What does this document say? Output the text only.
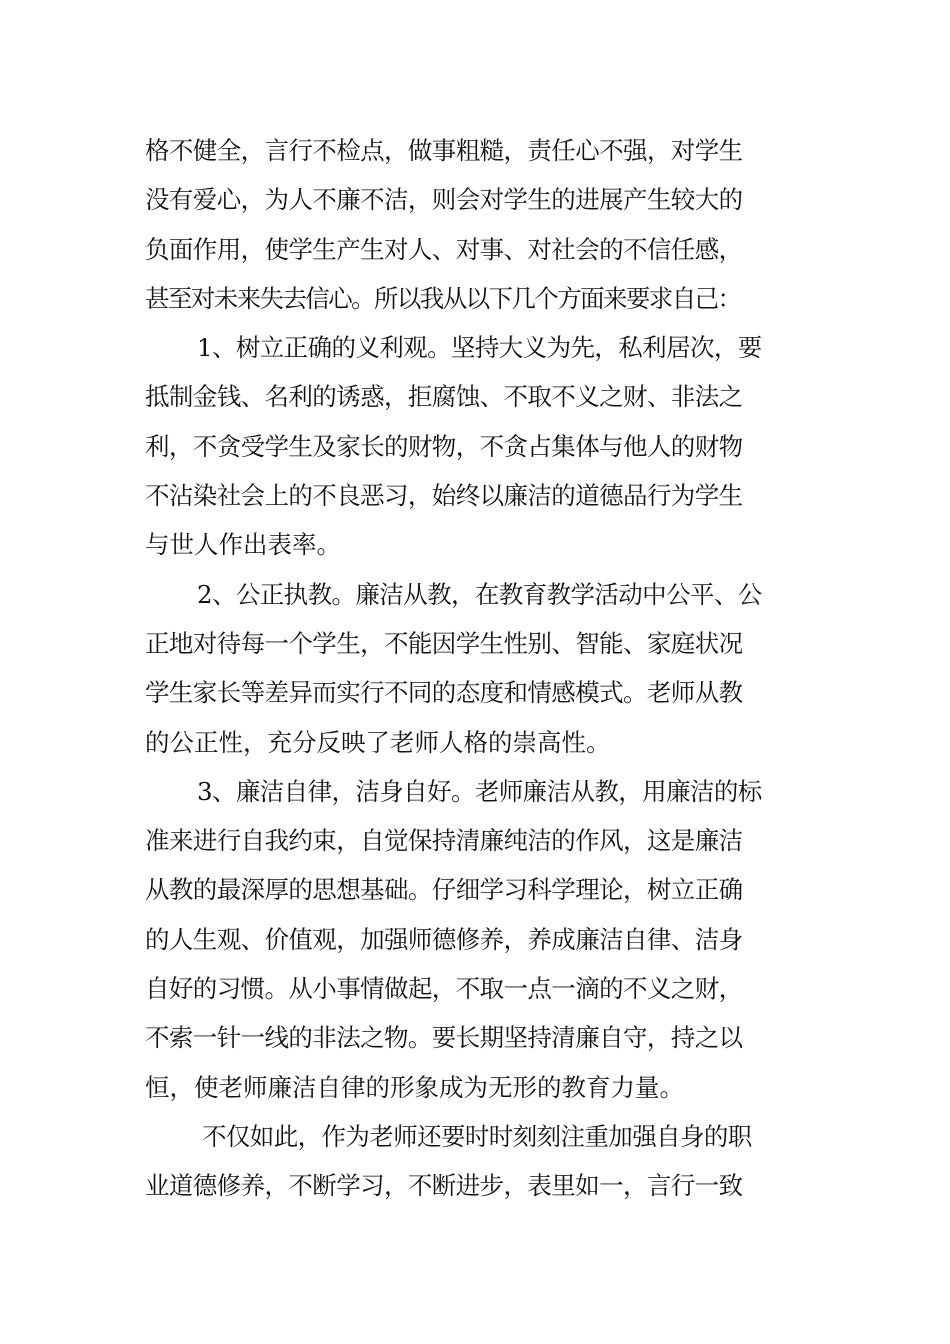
格不健全，言行不检点，做事粗糙，责任心不强，对学生
没有爱心，为人不廉不洁，则会对学生的进展产生较大的
负面作用，使学生产生对人、对事、对社会的不信任感，
甚至对未来失去信心。所以我从以下几个方面来要求自己：
1、树立正确的义利观。坚持大义为先，私利居次，要
抵制金钱、名利的诱惑，拒腐蚀、不取不义之财、非法之
利，不贪受学生及家长的财物，不贪占集体与他人的财物
不沾染社会上的不良恶习，始终以廉洁的道德品行为学生
与世人作出表率。
2、公正执教。廉洁从教，在教育教学活动中公平、公
正地对待每一个学生，不能因学生性别、智能、家庭状况
学生家长等差异而实行不同的态度和情感模式。老师从教
的公正性，充分反映了老师人格的崇高性。
3、廉洁自律，洁身自好。老师廉洁从教，用廉洁的标
准来进行自我约束，自觉保持清廉纯洁的作风，这是廉洁
从教的最深厚的思想基础。仔细学习科学理论，树立正确
的人生观、价值观，加强师德修养，养成廉洁自律、洁身
自好的习惯。从小事情做起，不取一点一滴的不义之财，
不索一针一线的非法之物。要长期坚持清廉自守，持之以
恒，使老师廉洁自律的形象成为无形的教育力量。
不仅如此，作为老师还要时时刻刻注重加强自身的职
业道德修养，不断学习，不断进步，表里如一，言行一致
